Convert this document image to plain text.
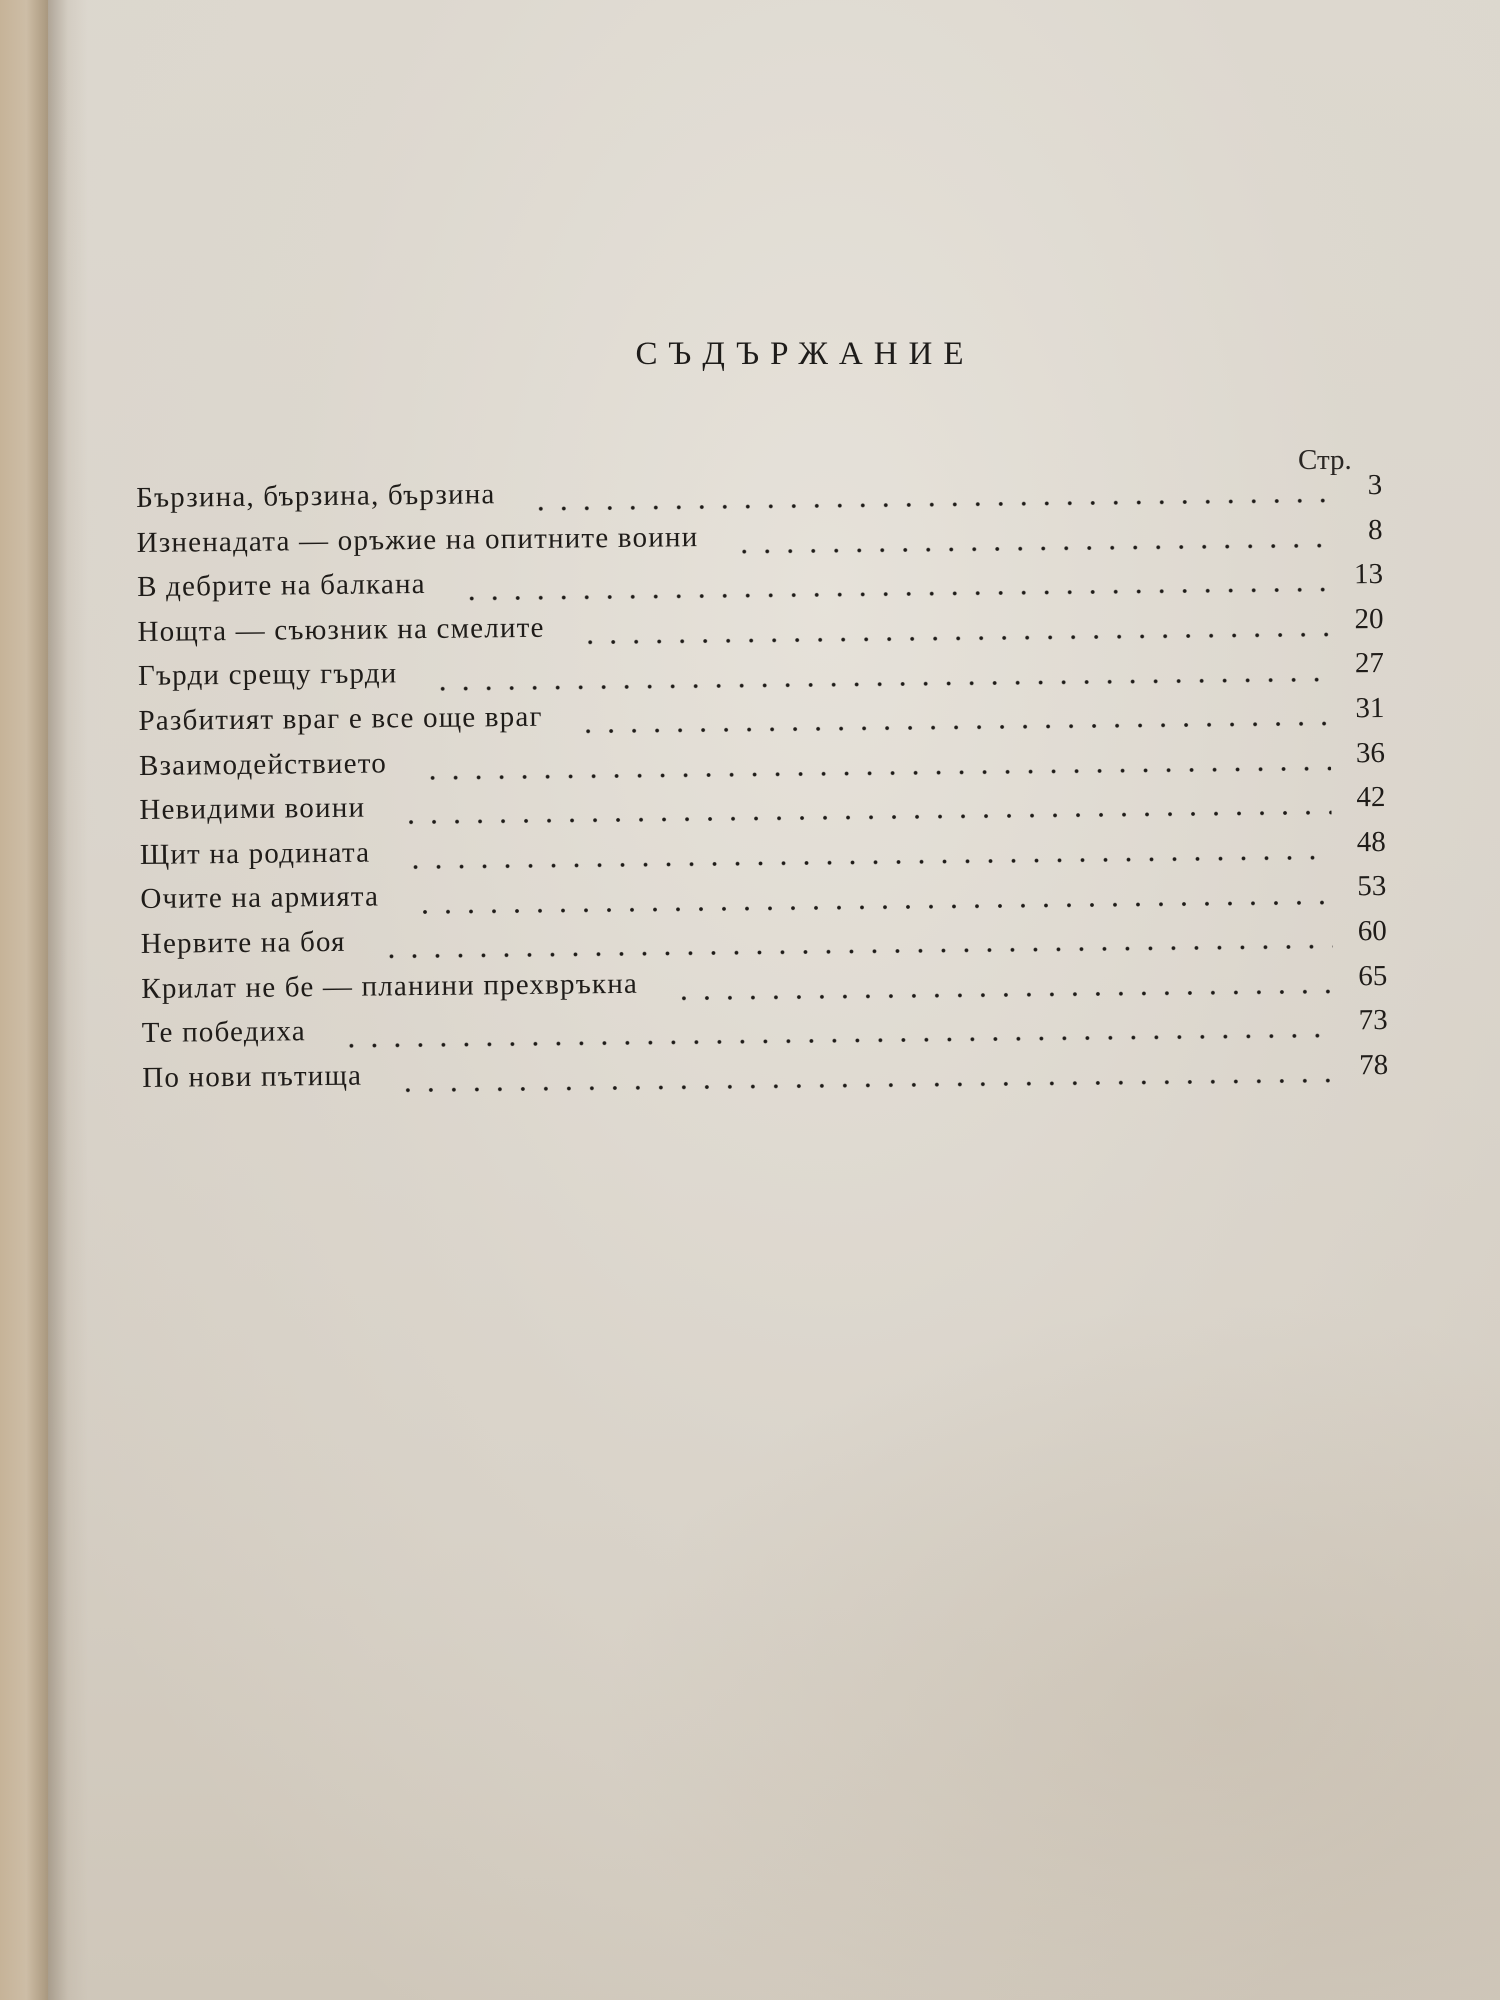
СЪДЪРЖАНИЕ
Стр.
Бързина, бързина, бързина	3
Изненадата — оръжие на опитните воини	8
В дебрите на балкана	13
Нощта — съюзник на смелите	20
Гърди срещу гърди	27
Разбитият враг е все още враг	31
Взаимодействието	36
Невидими воини	42
Щит на родината	48
Очите на армията	53
Нервите на боя	60
Крилат не бе — планини прехвръкна	65
Те победиха	73
По нови пътища	78
